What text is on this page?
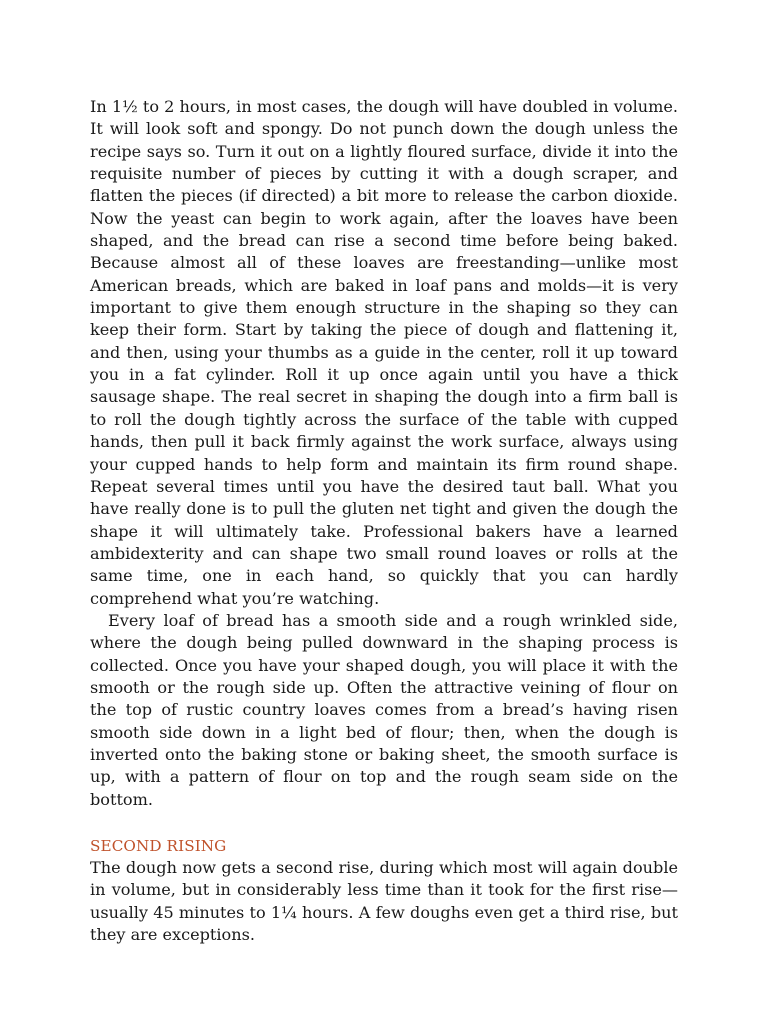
In 1½ to 2 hours, in most cases, the dough will have doubled in volume. It will look soft and spongy. Do not punch down the dough unless the recipe says so. Turn it out on a lightly floured surface, divide it into the requisite number of pieces by cutting it with a dough scraper, and flatten the pieces (if directed) a bit more to release the carbon dioxide. Now the yeast can begin to work again, after the loaves have been shaped, and the bread can rise a second time before being baked. Because almost all of these loaves are freestanding—unlike most American breads, which are baked in loaf pans and molds—it is very important to give them enough structure in the shaping so they can keep their form. Start by taking the piece of dough and flattening it, and then, using your thumbs as a guide in the center, roll it up toward you in a fat cylinder. Roll it up once again until you have a thick sausage shape. The real secret in shaping the dough into a firm ball is to roll the dough tightly across the surface of the table with cupped hands, then pull it back firmly against the work surface, always using your cupped hands to help form and maintain its firm round shape. Repeat several times until you have the desired taut ball. What you have really done is to pull the gluten net tight and given the dough the shape it will ultimately take. Professional bakers have a learned ambidexterity and can shape two small round loaves or rolls at the same time, one in each hand, so quickly that you can hardly comprehend what you’re watching.

Every loaf of bread has a smooth side and a rough wrinkled side, where the dough being pulled downward in the shaping process is collected. Once you have your shaped dough, you will place it with the smooth or the rough side up. Often the attractive veining of flour on the top of rustic country loaves comes from a bread’s having risen smooth side down in a light bed of flour; then, when the dough is inverted onto the baking stone or baking sheet, the smooth surface is up, with a pattern of flour on top and the rough seam side on the bottom.

SECOND RISING

The dough now gets a second rise, during which most will again double in volume, but in considerably less time than it took for the first rise—usually 45 minutes to 1¼ hours. A few doughs even get a third rise, but they are exceptions.
